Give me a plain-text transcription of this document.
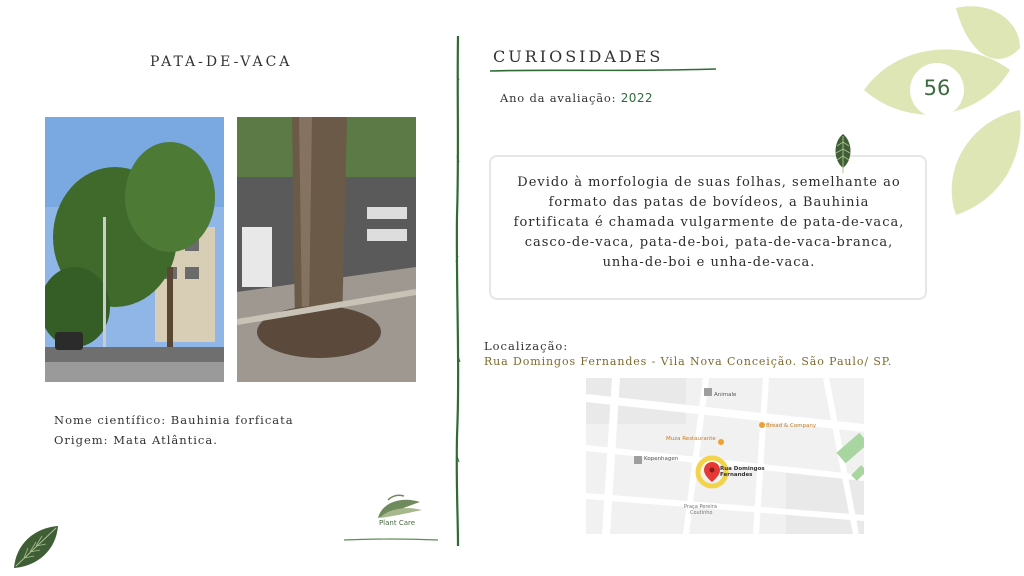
56
PATA-DE-VACA
Nome científico: Bauhinia forficata
Origem: Mata Atlântica.
Plant Care
CURIOSIDADES
Ano da avaliação: 2022
Devido à morfologia de suas folhas, semelhante ao formato das patas de bovídeos, a Bauhinia fortificata é chamada vulgarmente de pata-de-vaca, casco-de-vaca, pata-de-boi, pata-de-vaca-branca, unha-de-boi e unha-de-vaca.
Localização:
Rua Domingos Fernandes - Vila Nova Conceição. São Paulo/ SP.
Animale
Muza Restaurante
Bread & Company
Kopenhagen
Praça Pereira
Coutinho
Rua Domingos
Fernandes
